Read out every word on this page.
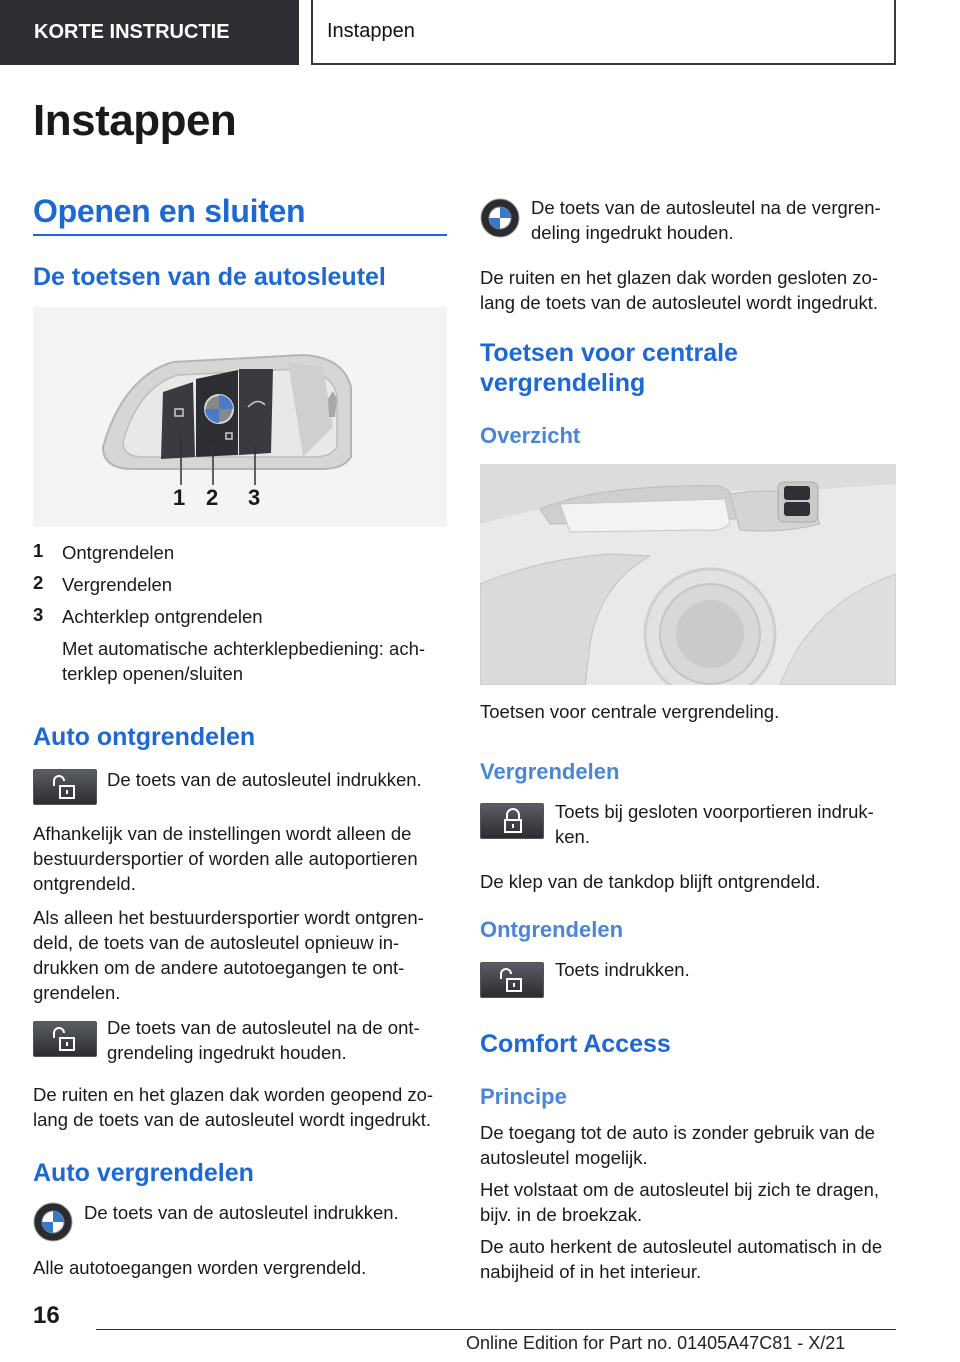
KORTE INSTRUCTIE	Instappen
Instappen
Openen en sluiten
De toetsen van de autosleutel
1 2 3
1 Ontgrendelen
2 Vergrendelen
3 Achterklep ontgrendelen
Met automatische achterklepbediening: ach-
terklep openen/sluiten
Auto ontgrendelen
De toets van de autosleutel indrukken.
Afhankelijk van de instellingen wordt alleen de
bestuurdersportier of worden alle autoportieren
ontgrendeld.
Als alleen het bestuurdersportier wordt ontgren-
deld, de toets van de autosleutel opnieuw in-
drukken om de andere autotoegangen te ont-
grendelen.
De toets van de autosleutel na de ont-
grendeling ingedrukt houden.
De ruiten en het glazen dak worden geopend zo-
lang de toets van de autosleutel wordt ingedrukt.
Auto vergrendelen
De toets van de autosleutel indrukken.
Alle autotoegangen worden vergrendeld.
De toets van de autosleutel na de vergren-
deling ingedrukt houden.
De ruiten en het glazen dak worden gesloten zo-
lang de toets van de autosleutel wordt ingedrukt.
Toetsen voor centrale
vergrendeling
Overzicht
Toetsen voor centrale vergrendeling.
Vergrendelen
Toets bij gesloten voorportieren indruk-
ken.
De klep van de tankdop blijft ontgrendeld.
Ontgrendelen
Toets indrukken.
Comfort Access
Principe
De toegang tot de auto is zonder gebruik van de
autosleutel mogelijk.
Het volstaat om de autosleutel bij zich te dragen,
bijv. in de broekzak.
De auto herkent de autosleutel automatisch in de
nabijheid of in het interieur.
16
Online Edition for Part no. 01405A47C81 - X/21
